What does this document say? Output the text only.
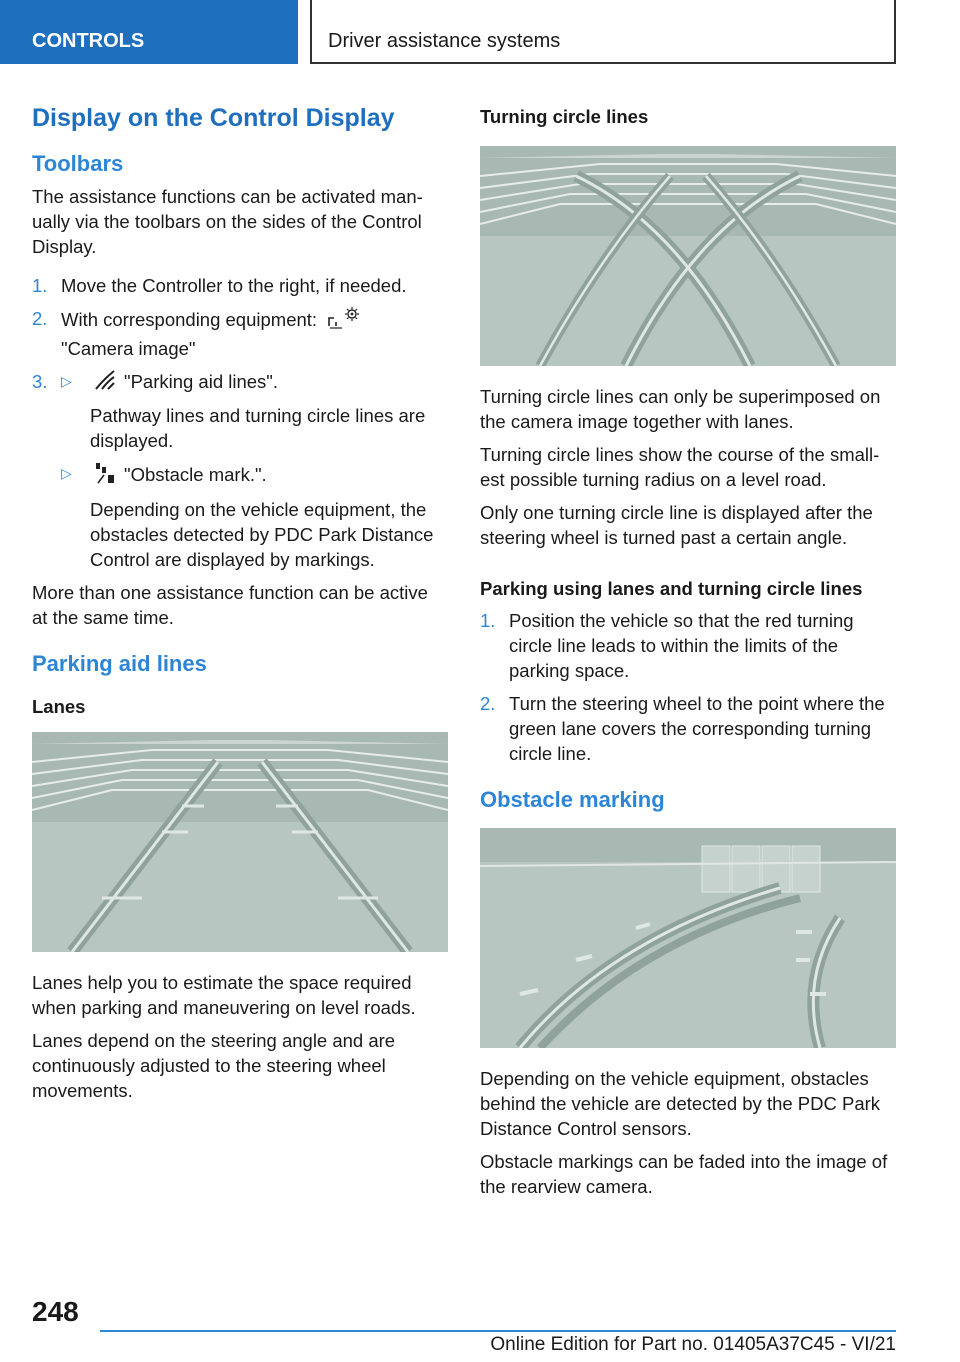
CONTROLS	Driver assistance systems
Display on the Control Display
Toolbars

The assistance functions can be activated man-ually via the toolbars on the sides of the Control Display.

1. Move the Controller to the right, if needed.
2. With corresponding equipment:
"Camera image"
3. ▷	"Parking aid lines".
Pathway lines and turning circle lines are displayed.
▷	"Obstacle mark.".
Depending on the vehicle equipment, the obstacles detected by PDC Park Distance Control are displayed by markings.

More than one assistance function can be active at the same time.

Parking aid lines
Lanes

Lanes help you to estimate the space required when parking and maneuvering on level roads.

Lanes depend on the steering angle and are continuously adjusted to the steering wheel movements.

Turning circle lines

Turning circle lines can only be superimposed on the camera image together with lanes.

Turning circle lines show the course of the small-est possible turning radius on a level road.

Only one turning circle line is displayed after the steering wheel is turned past a certain angle.

Parking using lanes and turning circle lines
1. Position the vehicle so that the red turning circle line leads to within the limits of the parking space.
2. Turn the steering wheel to the point where the green lane covers the corresponding turning circle line.
Obstacle marking

Depending on the vehicle equipment, obstacles behind the vehicle are detected by the PDC Park Distance Control sensors.

Obstacle markings can be faded into the image of the rearview camera.

248
Online Edition for Part no. 01405A37C45 - VI/21
